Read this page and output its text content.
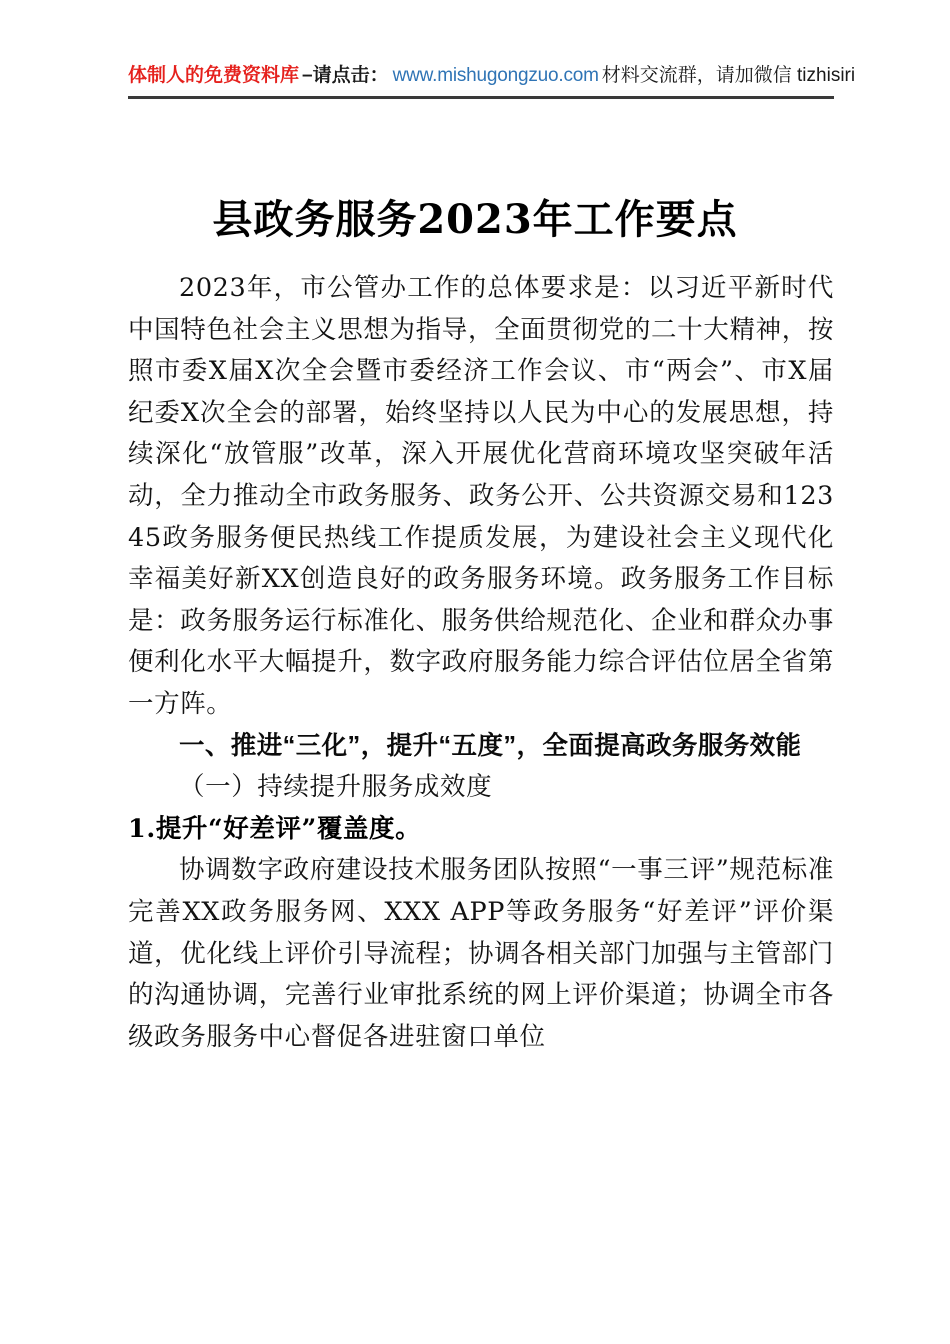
体制人的免费资料库 –请点击： www.mishugongzuo.com 材料交流群，请加微信 tizhisiri
县政务服务2023年工作要点

2023年，市公管办工作的总体要求是：以习近平新时代中国特色社会主义思想为指导，全面贯彻党的二十大精神，按照市委X届X次全会暨市委经济工作会议、市“两会”、市X届纪委X次全会的部署，始终坚持以人民为中心的发展思想，持续深化“放管服”改革，深入开展优化营商环境攻坚突破年活动，全力推动全市政务服务、政务公开、公共资源交易和12345政务服务便民热线工作提质发展，为建设社会主义现代化幸福美好新XX创造良好的政务服务环境。政务服务工作目标是：政务服务运行标准化、服务供给规范化、企业和群众办事便利化水平大幅提升，数字政府服务能力综合评估位居全省第一方阵。

一、推进“三化”，提升“五度”，全面提高政务服务效能

（一）持续提升服务成效度

1.提升“好差评”覆盖度。

协调数字政府建设技术服务团队按照“一事三评”规范标准完善XX政务服务网、XXX APP等政务服务“好差评”评价渠道，优化线上评价引导流程；协调各相关部门加强与主管部门的沟通协调，完善行业审批系统的网上评价渠道；协调全市各级政务服务中心督促各进驻窗口单位
